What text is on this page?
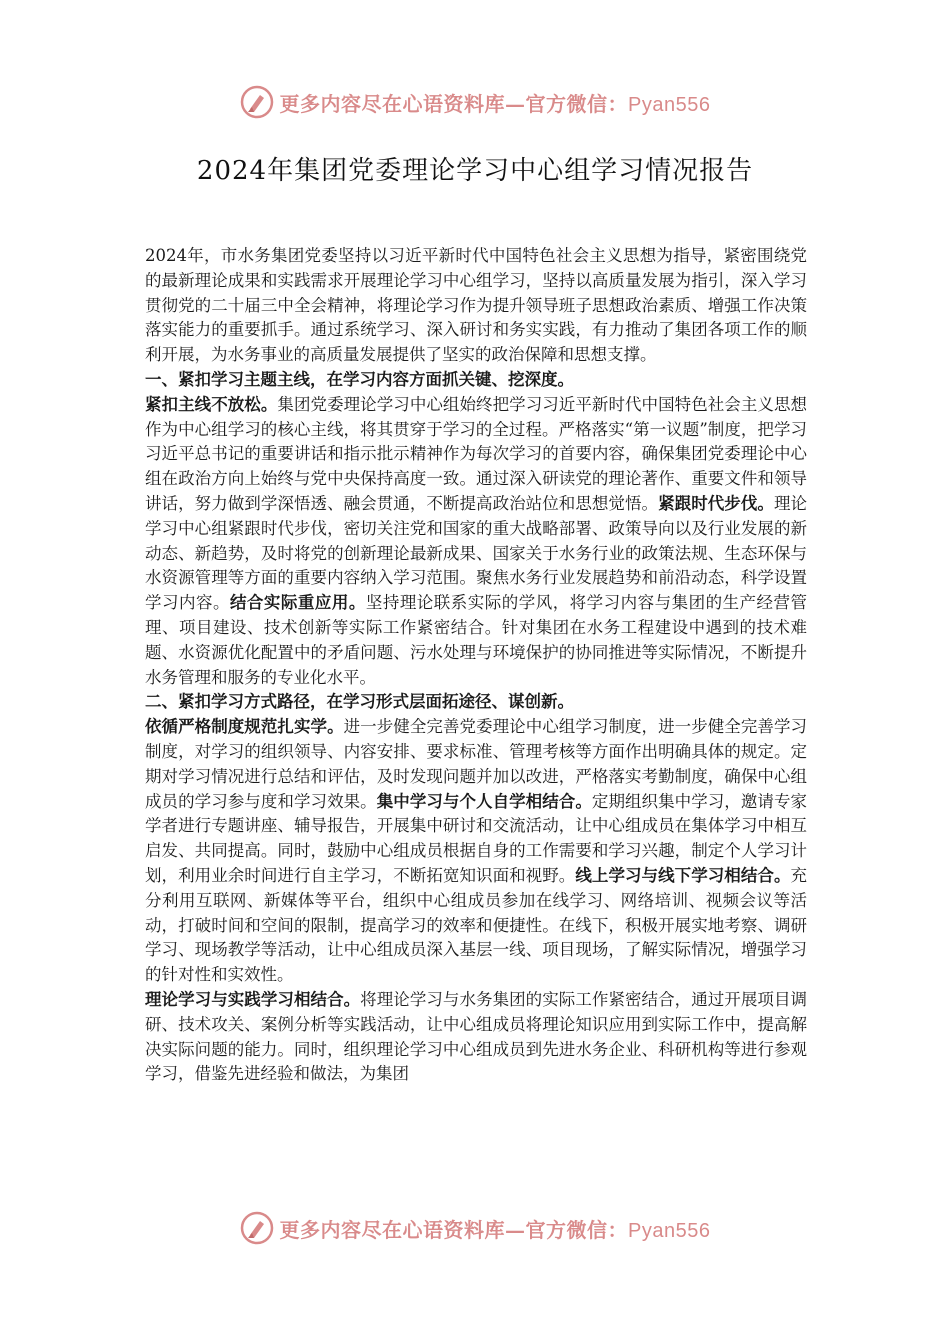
更多内容尽在心语资料库—官方微信：Pyan556
2024年集团党委理论学习中心组学习情况报告

2024年，市水务集团党委坚持以习近平新时代中国特色社会主义思想为指导，紧密围绕党的最新理论成果和实践需求开展理论学习中心组学习，坚持以高质量发展为指引，深入学习贯彻党的二十届三中全会精神，将理论学习作为提升领导班子思想政治素质、增强工作决策落实能力的重要抓手。通过系统学习、深入研讨和务实实践，有力推动了集团各项工作的顺利开展，为水务事业的高质量发展提供了坚实的政治保障和思想支撑。

一、紧扣学习主题主线，在学习内容方面抓关键、挖深度。

紧扣主线不放松。集团党委理论学习中心组始终把学习习近平新时代中国特色社会主义思想作为中心组学习的核心主线，将其贯穿于学习的全过程。严格落实“第一议题”制度，把学习习近平总书记的重要讲话和指示批示精神作为每次学习的首要内容，确保集团党委理论中心组在政治方向上始终与党中央保持高度一致。通过深入研读党的理论著作、重要文件和领导讲话，努力做到学深悟透、融会贯通，不断提高政治站位和思想觉悟。紧跟时代步伐。理论学习中心组紧跟时代步伐，密切关注党和国家的重大战略部署、政策导向以及行业发展的新动态、新趋势，及时将党的创新理论最新成果、国家关于水务行业的政策法规、生态环保与水资源管理等方面的重要内容纳入学习范围。聚焦水务行业发展趋势和前沿动态，科学设置学习内容。结合实际重应用。坚持理论联系实际的学风，将学习内容与集团的生产经营管理、项目建设、技术创新等实际工作紧密结合。针对集团在水务工程建设中遇到的技术难题、水资源优化配置中的矛盾问题、污水处理与环境保护的协同推进等实际情况，不断提升水务管理和服务的专业化水平。

二、紧扣学习方式路径，在学习形式层面拓途径、谋创新。

依循严格制度规范扎实学。进一步健全完善党委理论中心组学习制度，进一步健全完善学习制度，对学习的组织领导、内容安排、要求标准、管理考核等方面作出明确具体的规定。定期对学习情况进行总结和评估，及时发现问题并加以改进，严格落实考勤制度，确保中心组成员的学习参与度和学习效果。集中学习与个人自学相结合。定期组织集中学习，邀请专家学者进行专题讲座、辅导报告，开展集中研讨和交流活动，让中心组成员在集体学习中相互启发、共同提高。同时，鼓励中心组成员根据自身的工作需要和学习兴趣，制定个人学习计划，利用业余时间进行自主学习，不断拓宽知识面和视野。线上学习与线下学习相结合。充分利用互联网、新媒体等平台，组织中心组成员参加在线学习、网络培训、视频会议等活动，打破时间和空间的限制，提高学习的效率和便捷性。在线下，积极开展实地考察、调研学习、现场教学等活动，让中心组成员深入基层一线、项目现场，了解实际情况，增强学习的针对性和实效性。

理论学习与实践学习相结合。将理论学习与水务集团的实际工作紧密结合，通过开展项目调研、技术攻关、案例分析等实践活动，让中心组成员将理论知识应用到实际工作中，提高解决实际问题的能力。同时，组织理论学习中心组成员到先进水务企业、科研机构等进行参观学习，借鉴先进经验和做法，为集团

更多内容尽在心语资料库—官方微信：Pyan556
